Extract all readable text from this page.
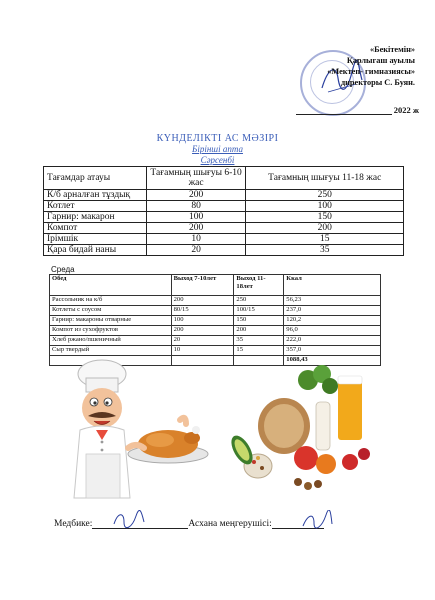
«Бекітемін»
Қарлыгаш ауылы
«Мектеп- гимназиясы»
директоры С. Буян.
2022 ж
КҮНДЕЛІКТІ АС МӘЗІРІ
Бірінші апта
Сәрсенбі
Тағамдар атауы	Тағамның шығуы 6-10 жас	Тағамның шығуы 11-18 жас
К/б арналған тұздық	200	250
Котлет	80	100
Гарнир: макарон	100	150
Компот	200	200
Ірімшік	10	15
Қара бидай наны	20	35
Среда
Обед	Выход 7-10лет	Выход 11-18лет	Ккал
Рассольник на к/б	200	250	56,23
Котлеты с соусом	80/15	100/15	237,0
Гарнир: макароны отварные	100	150	120,2
Компот из сухофруктов	200	200	96,0
Хлеб ржано/пшеничный	20	35	222,0
Сыр твердый	10	15	357,0
			1088,43
Медбике:	Асхана меңгерушісі:
